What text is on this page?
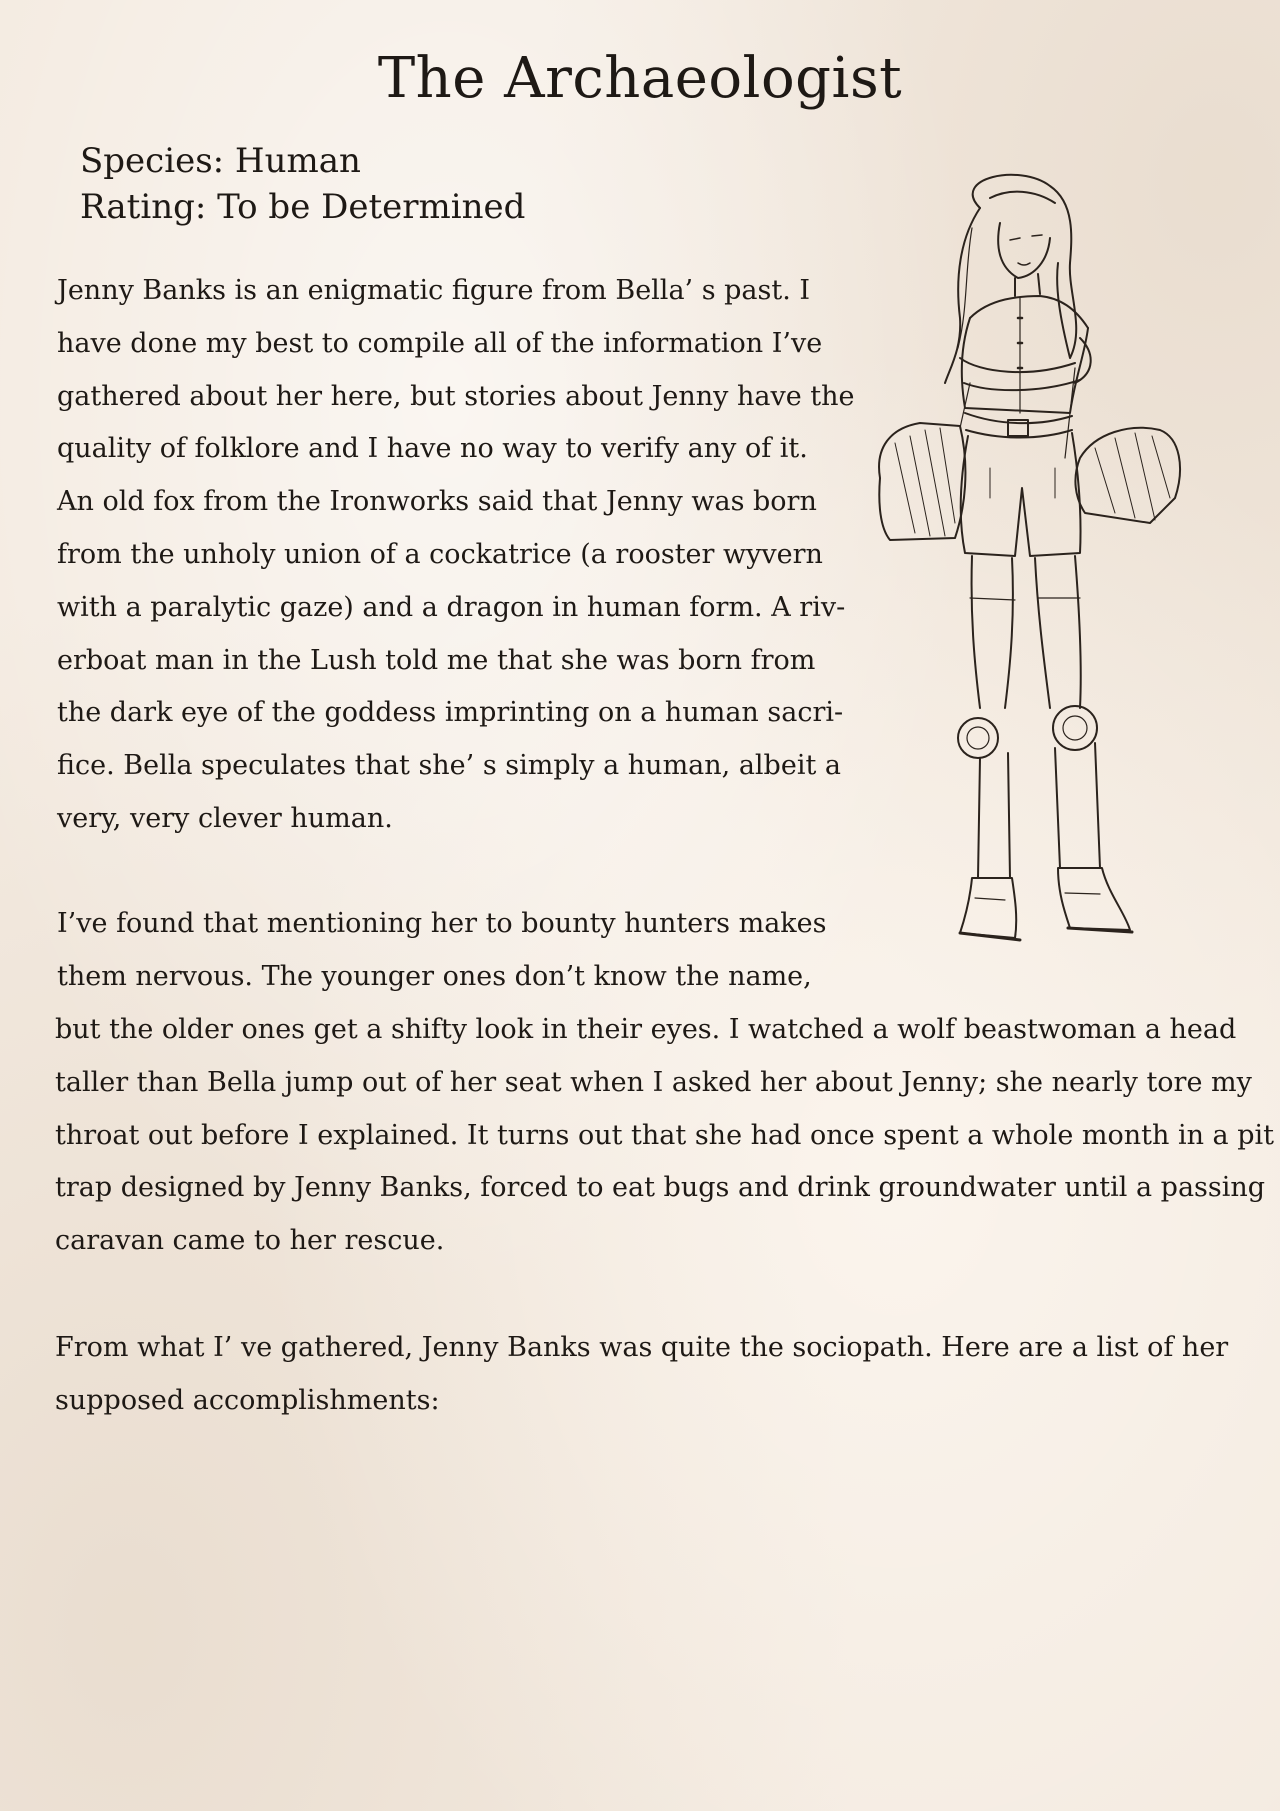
The Archaeologist
Species: Human
Rating: To be Determined

Jenny Banks is an enigmatic figure from Bella’ s past. I
have done my best to compile all of the information I’ve
gathered about her here, but stories about Jenny have the
quality of folklore and I have no way to verify any of it.
An old fox from the Ironworks said that Jenny was born
from the unholy union of a cockatrice (a rooster wyvern
with a paralytic gaze) and a dragon in human form. A riv-
erboat man in the Lush told me that she was born from
the dark eye of the goddess imprinting on a human sacri-
fice. Bella speculates that she’ s simply a human, albeit a
very, very clever human.

I’ve found that mentioning her to bounty hunters makes
them nervous. The younger ones don’t know the name,

but the older ones get a shifty look in their eyes. I watched a wolf beastwoman a head
taller than Bella jump out of her seat when I asked her about Jenny; she nearly tore my
throat out before I explained. It turns out that she had once spent a whole month in a pit
trap designed by Jenny Banks, forced to eat bugs and drink groundwater until a passing
caravan came to her rescue.

From what I’ ve gathered, Jenny Banks was quite the sociopath. Here are a list of her
supposed accomplishments:
